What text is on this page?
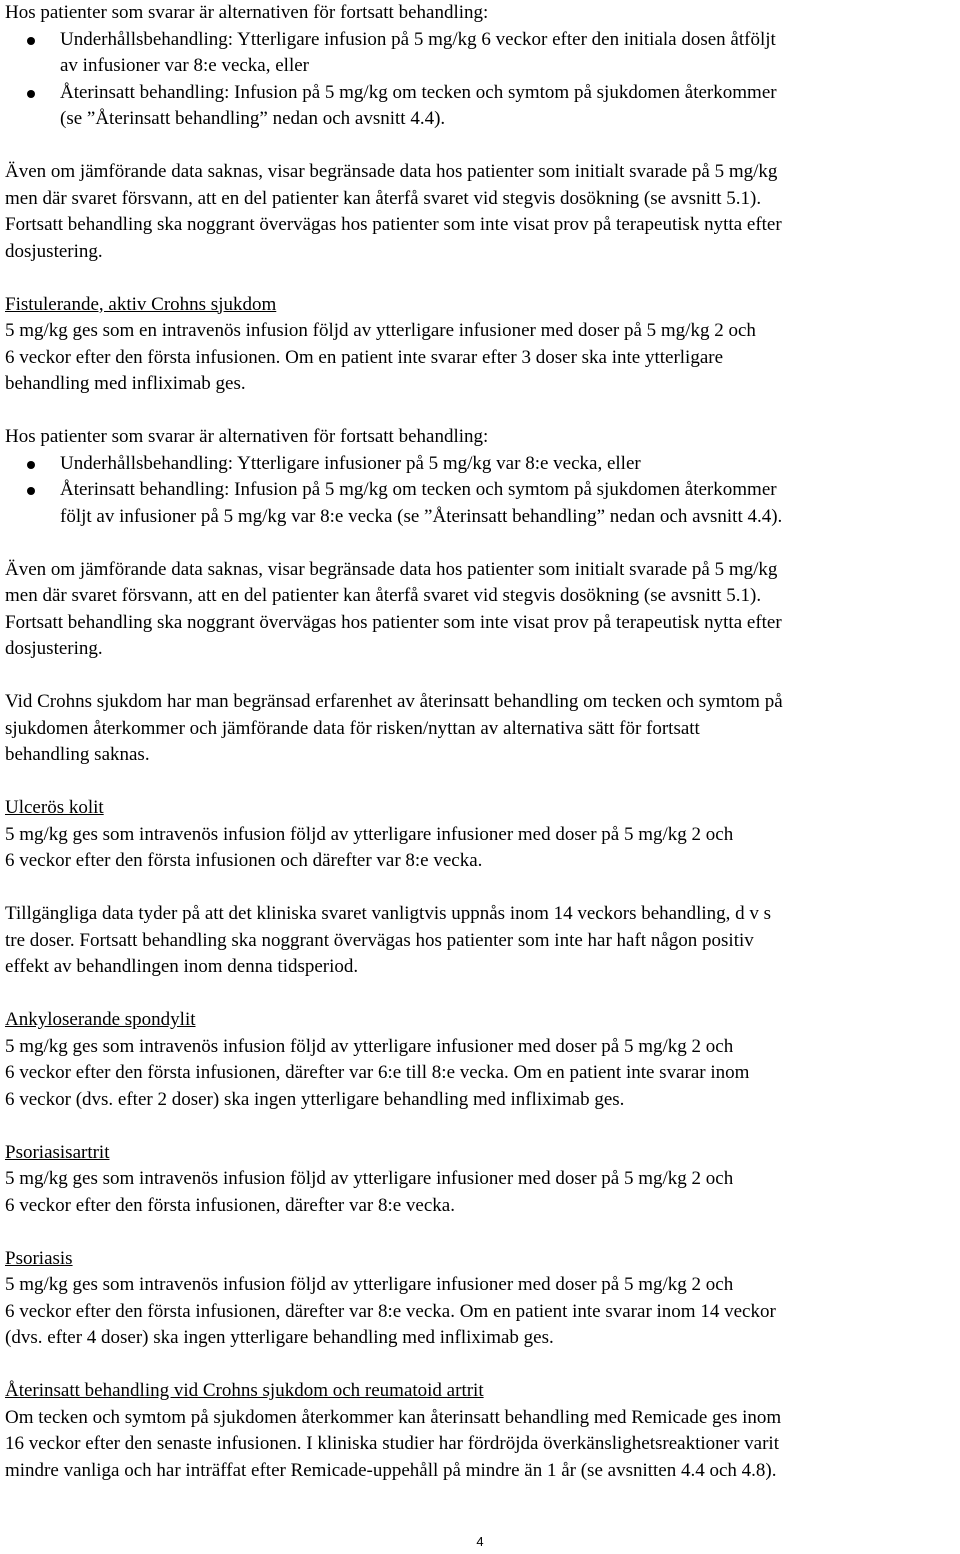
Hos patienter som svarar är alternativen för fortsatt behandling:
Underhållsbehandling: Ytterligare infusion på 5 mg/kg 6 veckor efter den initiala dosen åtföljt
av infusioner var 8:e vecka, eller
Återinsatt behandling: Infusion på 5 mg/kg om tecken och symtom på sjukdomen återkommer
(se ”Återinsatt behandling” nedan och avsnitt 4.4).
Även om jämförande data saknas, visar begränsade data hos patienter som initialt svarade på 5 mg/kg
men där svaret försvann, att en del patienter kan återfå svaret vid stegvis dosökning (se avsnitt 5.1).
Fortsatt behandling ska noggrant övervägas hos patienter som inte visat prov på terapeutisk nytta efter
dosjustering.
Fistulerande, aktiv Crohns sjukdom
5 mg/kg ges som en intravenös infusion följd av ytterligare infusioner med doser på 5 mg/kg 2 och
6 veckor efter den första infusionen. Om en patient inte svarar efter 3 doser ska inte ytterligare
behandling med infliximab ges.
Hos patienter som svarar är alternativen för fortsatt behandling:
Underhållsbehandling: Ytterligare infusioner på 5 mg/kg var 8:e vecka, eller
Återinsatt behandling: Infusion på 5 mg/kg om tecken och symtom på sjukdomen återkommer
följt av infusioner på 5 mg/kg var 8:e vecka (se ”Återinsatt behandling” nedan och avsnitt 4.4).
Även om jämförande data saknas, visar begränsade data hos patienter som initialt svarade på 5 mg/kg
men där svaret försvann, att en del patienter kan återfå svaret vid stegvis dosökning (se avsnitt 5.1).
Fortsatt behandling ska noggrant övervägas hos patienter som inte visat prov på terapeutisk nytta efter
dosjustering.
Vid Crohns sjukdom har man begränsad erfarenhet av återinsatt behandling om tecken och symtom på
sjukdomen återkommer och jämförande data för risken/nyttan av alternativa sätt för fortsatt
behandling saknas.
Ulcerös kolit
5 mg/kg ges som intravenös infusion följd av ytterligare infusioner med doser på 5 mg/kg 2 och
6 veckor efter den första infusionen och därefter var 8:e vecka.
Tillgängliga data tyder på att det kliniska svaret vanligtvis uppnås inom 14 veckors behandling, d v s
tre doser. Fortsatt behandling ska noggrant övervägas hos patienter som inte har haft någon positiv
effekt av behandlingen inom denna tidsperiod.
Ankyloserande spondylit
5 mg/kg ges som intravenös infusion följd av ytterligare infusioner med doser på 5 mg/kg 2 och
6 veckor efter den första infusionen, därefter var 6:e till 8:e vecka. Om en patient inte svarar inom
6 veckor (dvs. efter 2 doser) ska ingen ytterligare behandling med infliximab ges.
Psoriasisartrit
5 mg/kg ges som intravenös infusion följd av ytterligare infusioner med doser på 5 mg/kg 2 och
6 veckor efter den första infusionen, därefter var 8:e vecka.
Psoriasis
5 mg/kg ges som intravenös infusion följd av ytterligare infusioner med doser på 5 mg/kg 2 och
6 veckor efter den första infusionen, därefter var 8:e vecka. Om en patient inte svarar inom 14 veckor
(dvs. efter 4 doser) ska ingen ytterligare behandling med infliximab ges.
Återinsatt behandling vid Crohns sjukdom och reumatoid artrit
Om tecken och symtom på sjukdomen återkommer kan återinsatt behandling med Remicade ges inom
16 veckor efter den senaste infusionen. I kliniska studier har fördröjda överkänslighetsreaktioner varit
mindre vanliga och har inträffat efter Remicade-uppehåll på mindre än 1 år (se avsnitten 4.4 och 4.8).
4
